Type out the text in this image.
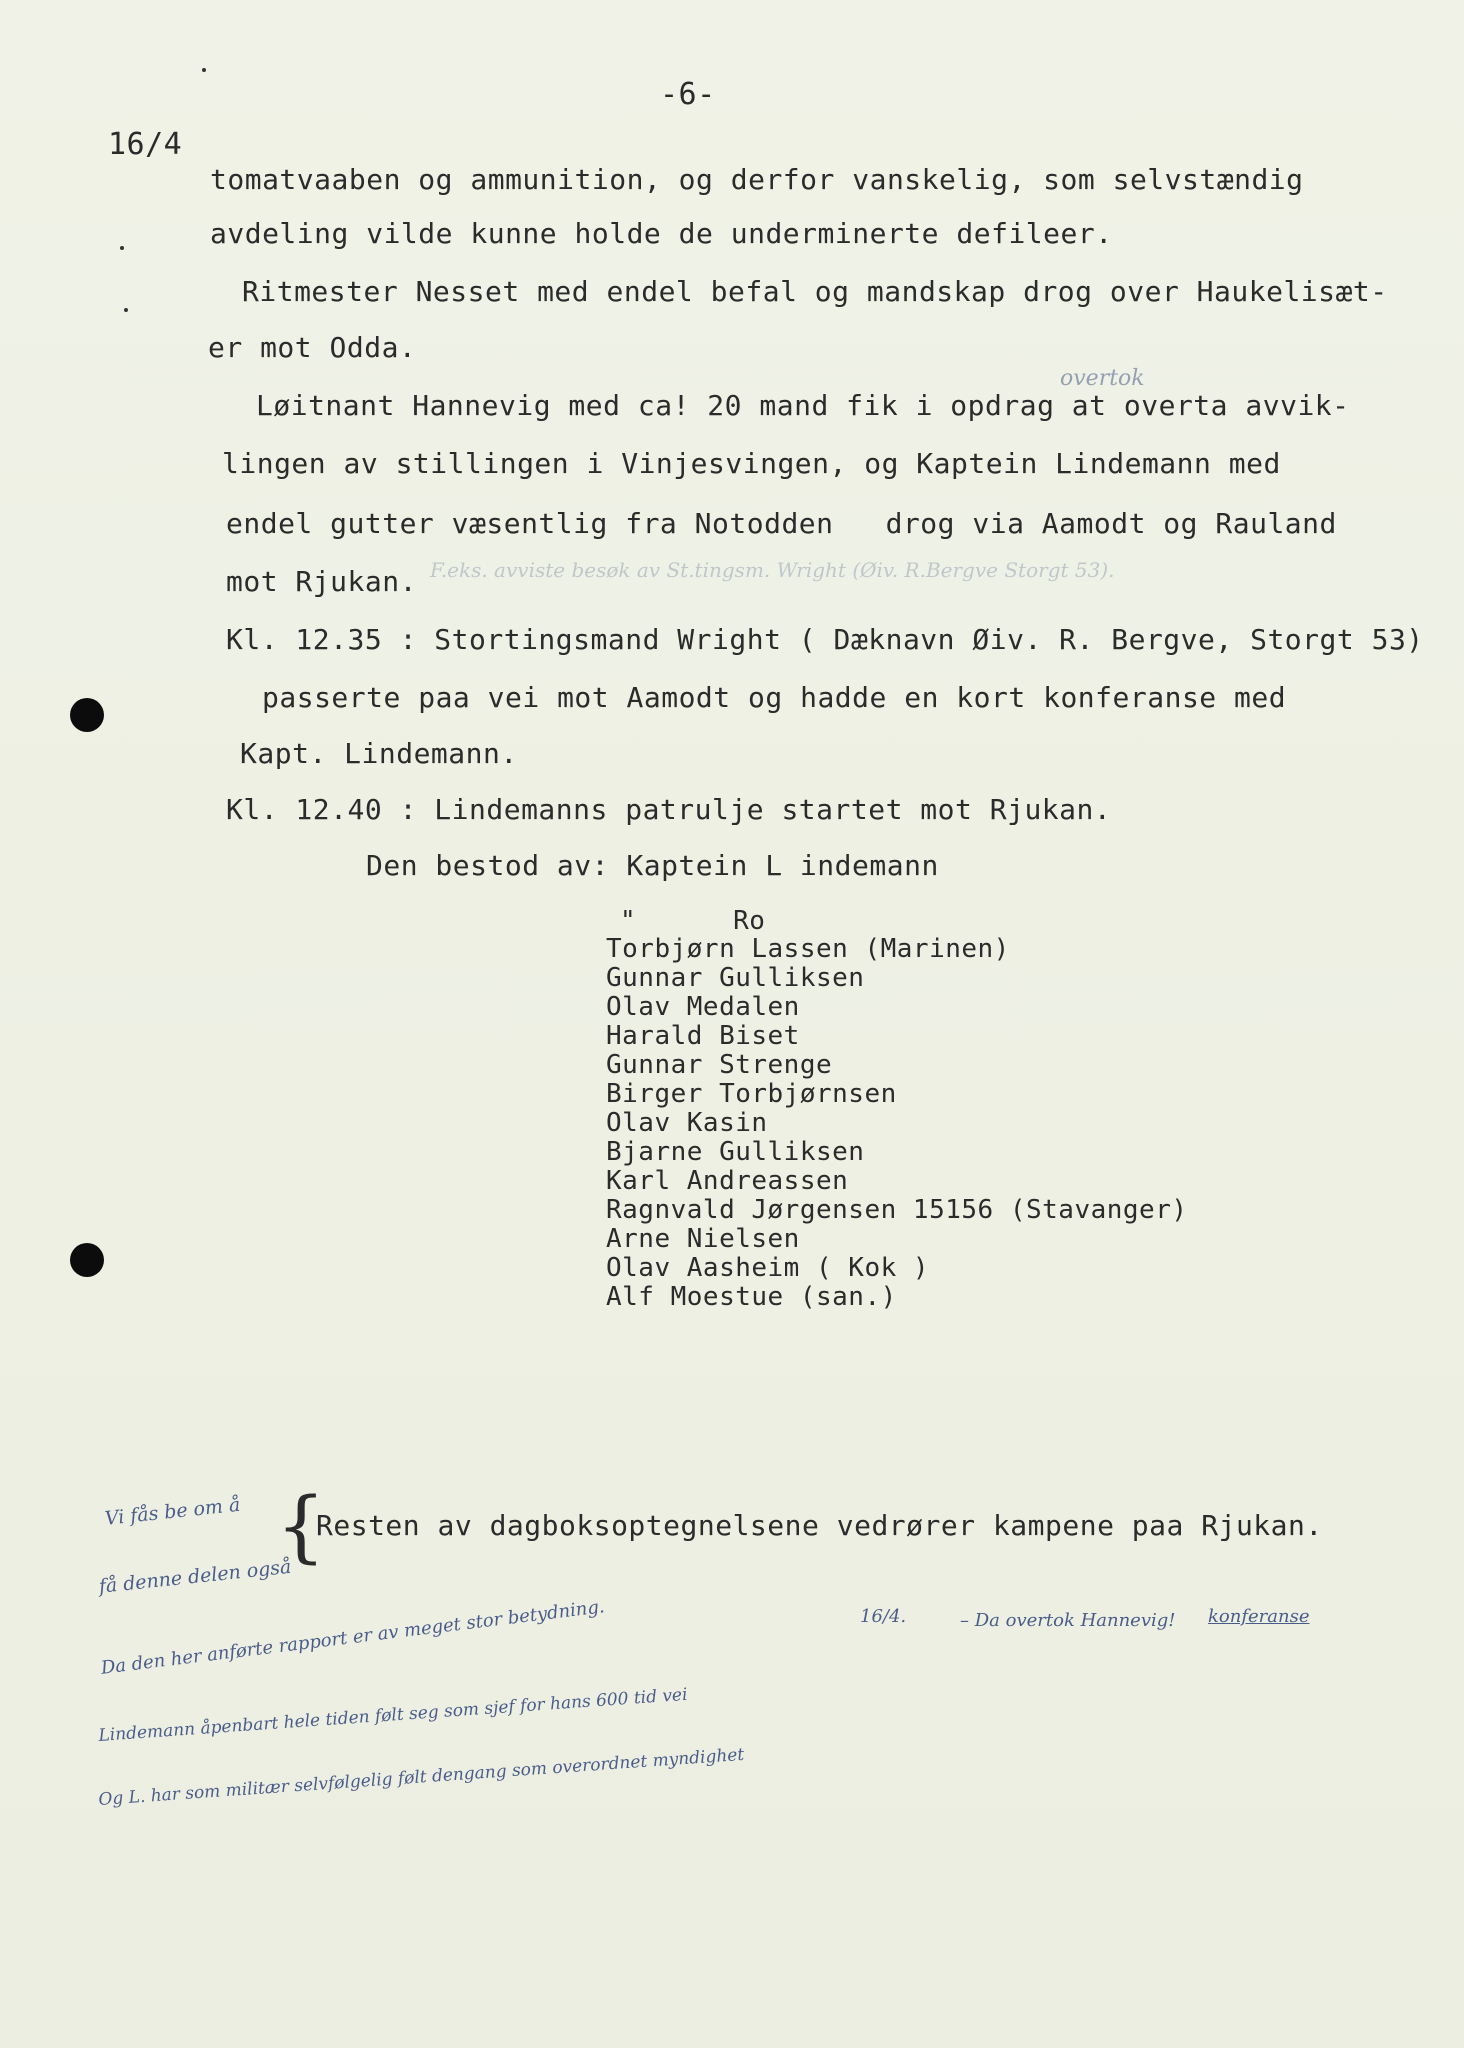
-6-
16/4
tomatvaaben og ammunition, og derfor vanskelig, som selvstændig
avdeling vilde kunne holde de underminerte defileer.
Ritmester Nesset med endel befal og mandskap drog over Haukelisæt-
er mot Odda.
overtok
Løitnant Hannevig med ca! 20 mand fik i opdrag at overta avvik-
lingen av stillingen i Vinjesvingen, og Kaptein Lindemann med
endel gutter væsentlig fra Notodden   drog via Aamodt og Rauland
F.eks. avviste besøk av St.tingsm. Wright (Øiv. R.Bergve Storgt 53).
mot Rjukan.
Kl. 12.35 : Stortingsmand Wright ( Dæknavn Øiv. R. Bergve, Storgt 53)
passerte paa vei mot Aamodt og hadde en kort konferanse med
Kapt. Lindemann.
Kl. 12.40 : Lindemanns patrulje startet mot Rjukan.
Den bestod av: Kaptein L indemann
"      Ro
Torbjørn Lassen (Marinen)
Gunnar Gulliksen
Olav Medalen
Harald Biset
Gunnar Strenge
Birger Torbjørnsen
Olav Kasin
Bjarne Gulliksen
Karl Andreassen
Ragnvald Jørgensen 15156 (Stavanger)
Arne Nielsen
Olav Aasheim ( Kok )
Alf Moestue (san.)
Vi fås be om å {
Resten av dagboksoptegnelsene vedrører kampene paa Rjukan.
få denne delen også
Da den her anførte rapport er av meget stor betydning.	16/4.	– Da overtok Hannevig! konferanse
Lindemann åpenbart hele tiden følt seg som sjef for hans 600 tid vei
Og L. har som militær selvfølgelig følt dengang som overordnet myndighet
